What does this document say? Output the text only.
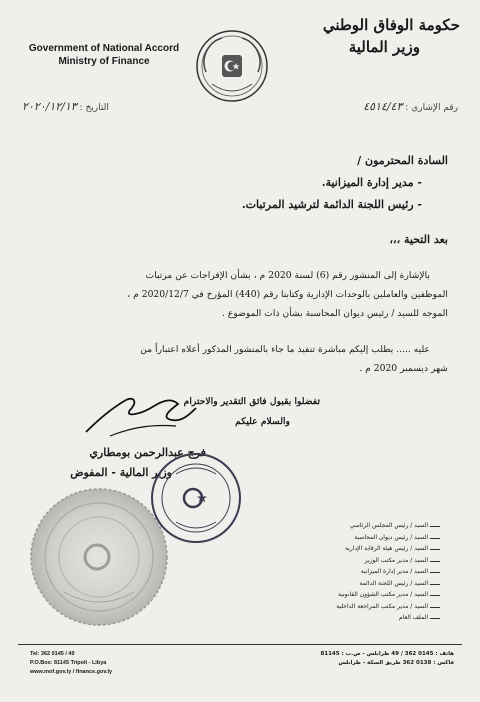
حكومة الوفاق الوطني
وزير المالية
Government of National Accord
Ministry of Finance
رقم الإشاري : ٤٥١٤/٤٣
التاريخ : ٢٠٢٠/١٢/١٣
السادة المحترمون /
- مدير إدارة الميزانية.
- رئيس اللجنة الدائمة لترشيد المرتبات.
بعد التحية ،،،
بالإشارة إلى المنشور رقم (6) لسنة 2020 م ، بشأن الإفراجات عن مرتبات
الموظفين والعاملين بالوحدات الإدارية وكتابنا رقم (440) المؤرخ في 2020/12/7 م ،
الموجه للسيد / رئيس ديوان المحاسبة بشأن ذات الموضوع .
عليه ..... يطلب إليكم مباشرة تنفيذ ما جاء بالمنشور المذكور أعلاه اعتباراً من
شهر ديسمبر 2020 م .
تفضلوا بقبول فائق التقدير والاحترام
والسلام عليكم
فرج عبدالرحمن بومطاري
وزير المالية - المفوض
السيد / رئيس المجلس الرئاسي
السيد / رئيس ديوان المحاسبة
السيد / رئيس هيئة الرقابة الإدارية
السيد / مدير مكتب الوزير
السيد / مدير إدارة الميزانية
السيد / رئيس اللجنة الدائمة
السيد / مدير مكتب الشؤون القانونية
السيد / مدير مكتب المراجعة الداخلية
الملف العام
Tel: 362 0145 / 49
P.O.Box: 81145 Tripoli - Libya
www.mof.gov.ly / finance.gov.ly
هاتف : 0145 362 / 49 طرابلس - ص.ب : 81145
فاكس : 0138 362 طريق السكة - طرابلس
